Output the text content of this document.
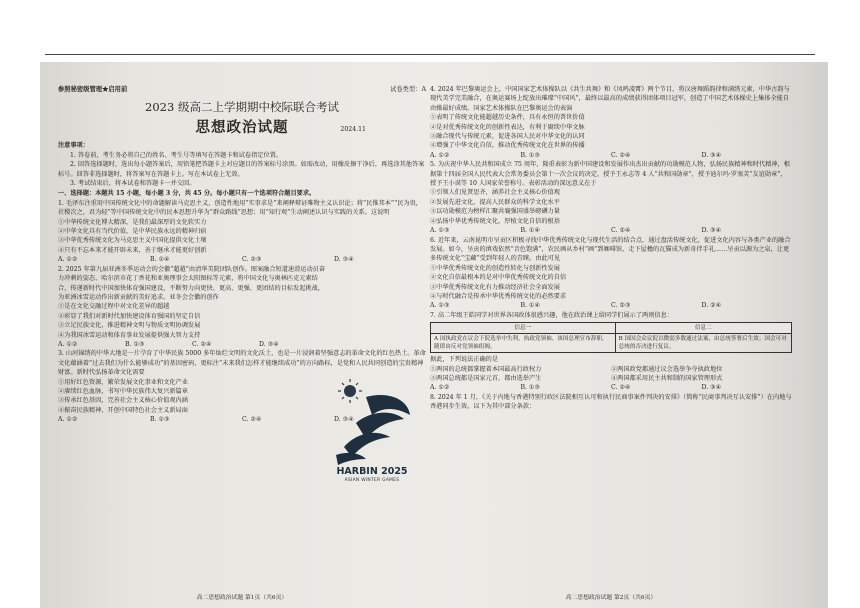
参照秘密级管理★启用前	试卷类型：A
2023 级高二上学期期中校际联合考试
思想政治试题	2024.11
注意事项：
1. 答卷前，考生务必将自己的姓名、考生号等填写在答题卡和试卷指定位置。
2. 回答选择题时，选出每小题答案后，用铅笔把答题卡上对应题目的答案标号涂黑。如需改动，用橡皮擦干净后，再选涂其他答案标号。回答非选择题时，将答案写在答题卡上。写在本试卷上无效。
3. 考试结束后，将本试卷和答题卡一并交回。
一、选择题：本题共 15 小题，每小题 3 分，共 45 分。每小题只有一个选项符合题目要求。

1. 毛泽东注重用中国传统文化中的命题解读马克思主义，创造性地用“实事求是”来阐释辩证唯物主义认识论；将“民惟邦本”“民为贵，社稷次之，君为轻”等中国传统文化中的民本思想升华为“群众路线”思想；用“知行观”生动阐述认识与实践的关系。这说明

①中华传统文化博大精深，是我们最深厚的文化软实力

②中华文化具有当代价值，是中华民族永远的精神归宿

③中华优秀传统文化为马克思主义中国化提供文化土壤

④只有不忘本来才能开辟未来，善于继承才能更好创新

A. ①②	B. ①④	C. ②③	D. ③④

2. 2025 年第九届亚洲冬季运动会的会徽“超越”由清华美院团队创作。图案融合短道速滑运动员奋力冲刺的姿态、哈尔滨市花丁香花和亚奥理事会太阳图标等元素，将中国文化与奥林匹克元素结合，传递新时代中国加快体育强国建设，不断努力向更快、更高、更强、更团结的目标发起挑战，为亚洲冰雪运动作出新贡献的美好追求。亚冬会会徽的创作

①是在文化交融过程中对文化差异的超越

②彰显了我们对新时代加快建设体育强国的坚定自信

③立足民族文化，推进精神文明与物质文明协调发展

④为我国冰雪运动和体育事业发展提供强大智力支持

A. ①②	B. ①③	C. ②④	D. ③④

3. 山河锦绣的中华大地是一片孕育了中华民族 5000 多年灿烂文明的文化沃土，也是一片浸润着坚强意志的革命文化的红色热土。革命文化蕴涵着“过去我们为什么能够成功”的基因密码，更标注“未来我们怎样才能继续成功”的方向路标，是党和人民共同创造的宝贵精神财富。新时代弘扬革命文化需要

①用好红色资源，繁荣发展文化事业和文化产业

②赓续红色血脉，书写中华民族伟大复兴新篇章

③传承红色基因，完善社会主义核心价值观内涵

④振奋民族精神，开创中国特色社会主义新局面

A. ①②	B. ①③	C. ②④	D. ③④
HARBIN 2025
ASIAN WINTER GAMES
高二思想政治试题 第1页（共6页）

4. 2024 年巴黎奥运会上，中国国家艺术体操队以《共生共舞》和《凤鸣凌霄》两个节目，将汉唐舞蹈韵律和满绣元素，中华古韵与现代美学完美融合，在奥运赛场上绽放出璀璨“中国风”，最终以最高的成绩获得团体项目冠军，创造了中国艺术体操史上集体全能自由操最好成绩。国家艺术体操队在巴黎奥运会的表演

①表明了传统文化能超越历史条件，具有永恒的普世价值

②是对优秀传统文化的创新性表达，有利于赓续中华文脉

③融合现代与传统元素，促进各国人民对中华文化的认同

④增强了中华文化自信，推动优秀传统文化在世界的传播

A. ①②	B. ①③	C. ②④	D. ③④

5. 为庆祝中华人民共和国成立 75 周年，隆重表彰为新中国建设和发展作出杰出贡献的功勋模范人物，弘扬民族精神和时代精神，根据第十四届全国人民代表大会常务委员会第十一次会议的决定，授予王永志等 4 人“共和国勋章”，授予迪尔玛·罗塞芙“友谊勋章”，授予王小谟等 10 人国家荣誉称号。表彰活动的深远意义在于

①引领人们见贤思齐，涵养社会主义核心价值观

②发展先进文化，提高人民群众的科学文化水平

③以功勋模范为榜样汇聚共襄强国盛举磅礴力量

④弘扬中华优秀传统文化，厚植文化自信的根基

A. ①③	B. ①④	C. ②④	D. ③④

6. 近年来，云南昆明市呈贡区积极寻找中华优秀传统文化与现代生活的结合点，通过盘活传统文化，促进文化内容与各类产业的融合发展。如今，呈贡的滇戏依然“音色饱满”，农民画从乡村“画”到咖啡馆，走下屋檐的瓦猫成为新奇伴手礼……呈贡以源为之泉，让更多传统文化“宝藏”受到年轻人的青睐。由此可见

①中华优秀传统文化的创造性转化与创新性发展

②文化自信最根本的是对中华优秀传统文化的自信

③中华优秀传统文化有力推动经济社会全面发展

④与时代融合是传承中华优秀传统文化的必然要求

A. ①③	B. ①④	C. ②③	D. ②④

7. 高二年级王皓同学对世界各国政体很感兴趣，他在政治课上给同学们展示了两则信息：

信息一	信息二
A 国执政党在议会下院选举中失利，执政党领袖、该国总理宣布辞职，随即由反对党领袖组阁。	B 国国会众议院以微弱多数通过法案，由总统签署后生效；国会可对总统的否决进行复议。

据此，下列说法正确的是

①两国的总统都掌握着本国最高行政权力	②两国政党都通过议会选举争夺执政地位
③两国总统都是国家元首，都由选举产生	④两国都采用民主共和制的国家管理形式
A. ①②	B. ①③	C. ②④	D. ③④

8. 2024 年 1 月，《关于内地与香港特别行政区法院相互认可和执行民商事案件判决的安排》（简称“民商事判决互认安排”）在内地与香港同步生效。以下为其中部分条款：

高二思想政治试题 第2页（共6页）
